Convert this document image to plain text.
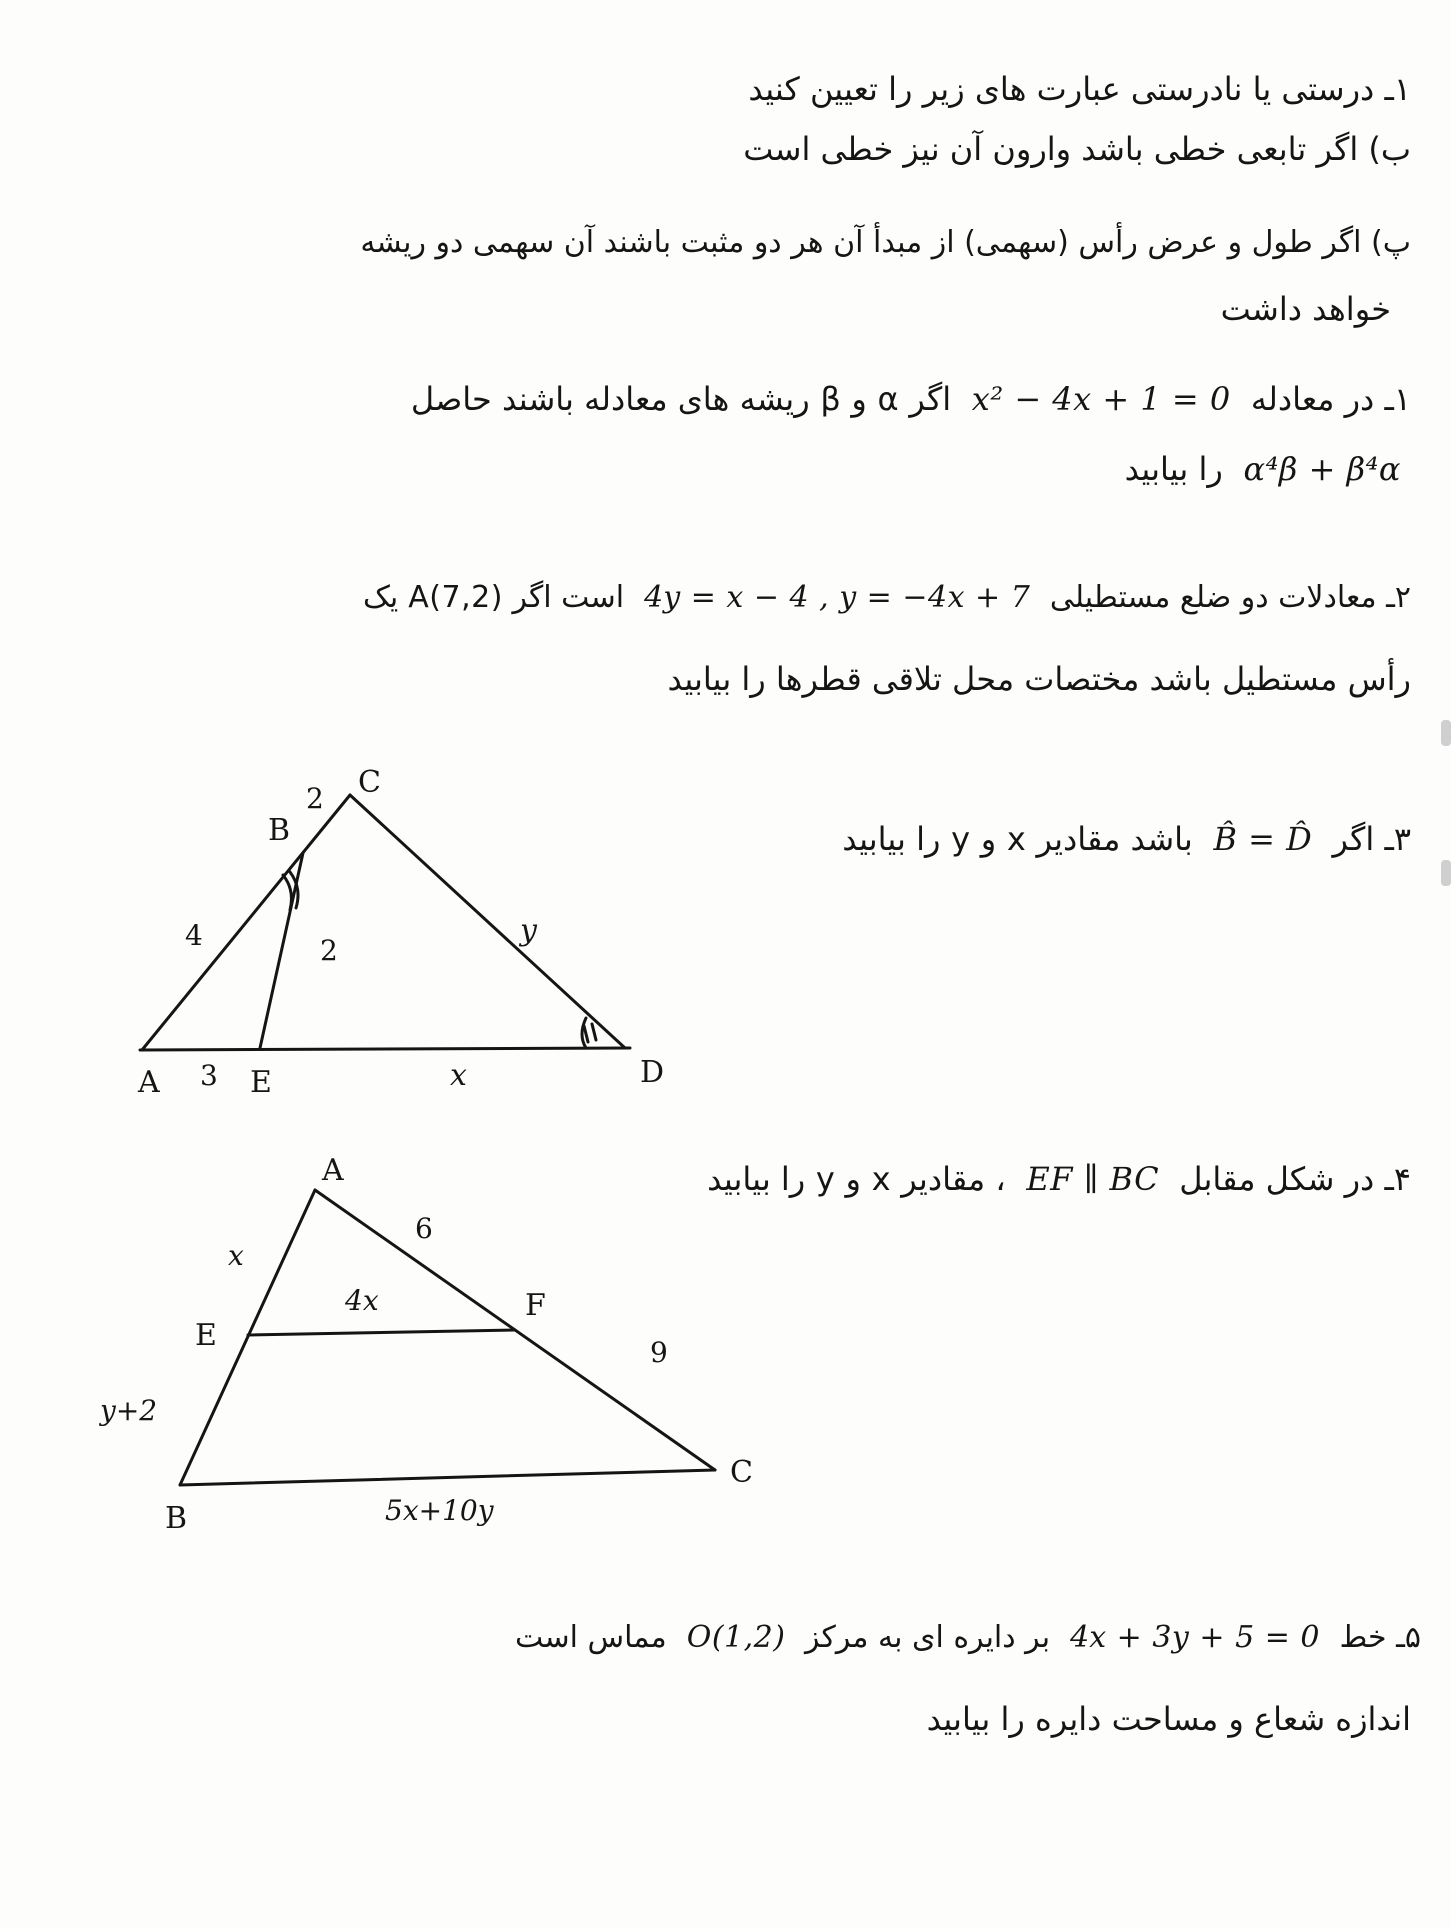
۱ـ درستی یا نادرستی عبارت های زیر را تعیین کنید
ب) اگر تابعی خطی باشد وارون آن نیز خطی است
پ) اگر طول و عرض رأس (سهمی) از مبدأ آن هر دو مثبت باشند آن سهمی دو ریشه
خواهد داشت
۱ـ در معادله x² − 4x + 1 = 0 اگر α و β ریشه های معادله باشند حاصل
α⁴β + β⁴α را بیابید
۲ـ معادلات دو ضلع مستطیلی 4y = x − 4 , y = −4x + 7 است اگر A(7,2) یک
رأس مستطیل باشد مختصات محل تلاقی قطرها را بیابید
۳ـ اگر B̂ = D̂ باشد مقادیر x و y را بیابید
A
B
C
D
E
4
2
2
3	x
y
۴ـ در شکل مقابل EF ∥ BC ، مقادیر x و y را بیابید
A
B
C
E
F
x
6
4x
9
y+2
5x+10y
۵ـ خط 4x + 3y + 5 = 0 بر دایره ای به مرکز O(1,2) مماس است
اندازه شعاع و مساحت دایره را بیابید
